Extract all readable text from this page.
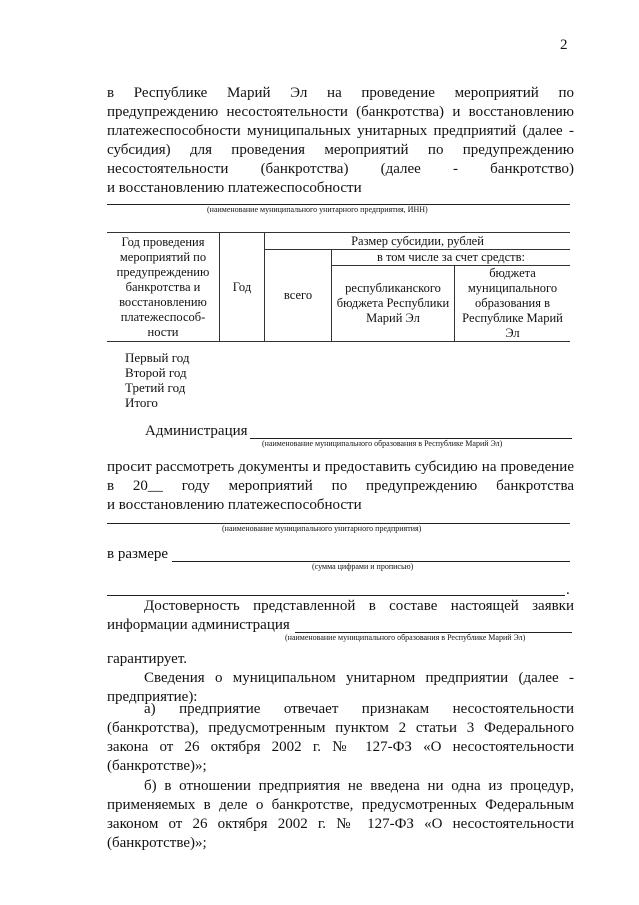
2
в Республике Марий Эл на проведение мероприятий по
предупреждению несостоятельности (банкротства) и восстановлению
платежеспособности муниципальных унитарных предприятий (далее -
субсидия) для проведения мероприятий по предупреждению
несостоятельности (банкротства) (далее - банкротство)
и восстановлению платежеспособности
(наименование муниципального унитарного предприятия, ИНН)
Год проведения мероприятий по предупреждению банкротства и восстановлению платежеспособ-ности	Год	Размер субсидии, рублей		
		всего	в том числе за счет средств:	
			республиканского бюджета Республики Марий Эл	бюджета муниципального образования в Республике Марий Эл
Первый год
Второй год
Третий год
Итого
Администрация
(наименование муниципального образования в Республике Марий Эл)
просит рассмотреть документы и предоставить субсидию на проведение
в 20__ году мероприятий по предупреждению банкротства
и восстановлению платежеспособности
(наименование муниципального унитарного предприятия)
в размере
(сумма цифрами и прописью)
.
Достоверность представленной в составе настоящей заявки
информации администрация
(наименование муниципального образования в Республике Марий Эл)
гарантирует.
Сведения о муниципальном унитарном предприятии (далее -
предприятие):
а) предприятие отвечает признакам несостоятельности
(банкротства), предусмотренным пунктом 2 статьи 3 Федерального
закона от 26 октября 2002 г. № 127-ФЗ «О несостоятельности
(банкротстве)»;
б) в отношении предприятия не введена ни одна из процедур,
применяемых в деле о банкротстве, предусмотренных Федеральным
законом от 26 октября 2002 г. № 127-ФЗ «О несостоятельности
(банкротстве)»;
